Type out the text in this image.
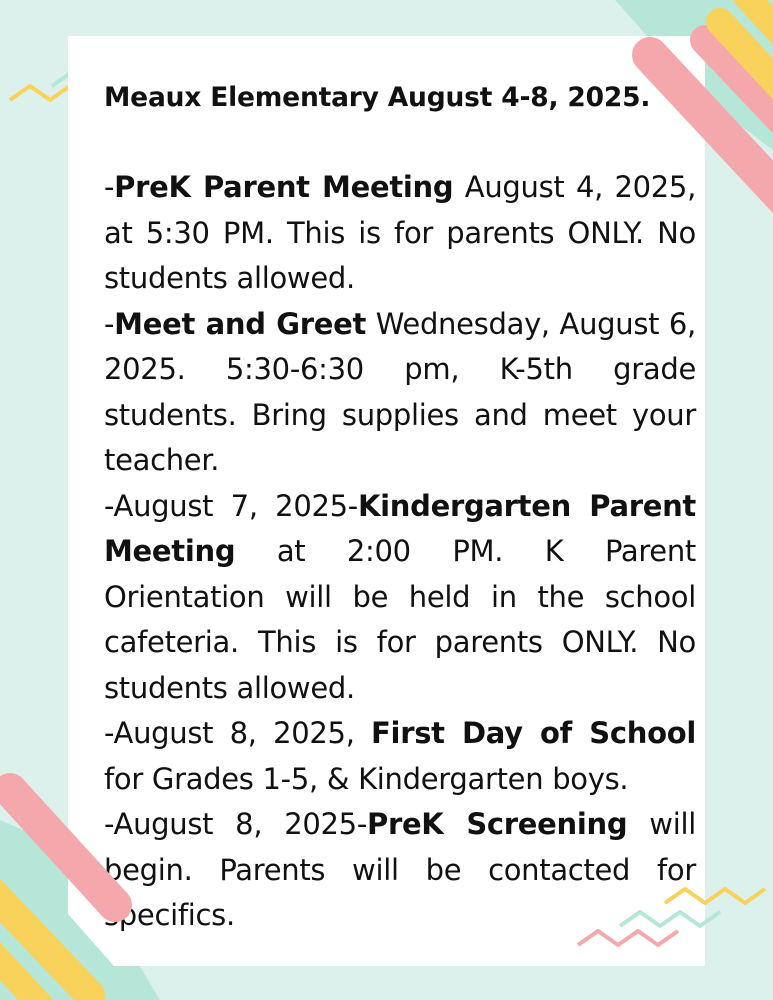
Meaux Elementary August 4-8, 2025.

-PreK Parent Meeting August 4, 2025, at 5:30 PM. This is for parents ONLY. No students allowed.

-Meet and Greet Wednesday, August 6, 2025. 5:30-6:30 pm, K-5th grade students. Bring supplies and meet your teacher.

-August 7, 2025-Kindergarten Parent Meeting at 2:00 PM. K Parent Orientation will be held in the school cafeteria. This is for parents ONLY. No students allowed.

-August 8, 2025, First Day of School for Grades 1-5, & Kindergarten boys.

-August 8, 2025-PreK Screening will begin. Parents will be contacted for specifics.
